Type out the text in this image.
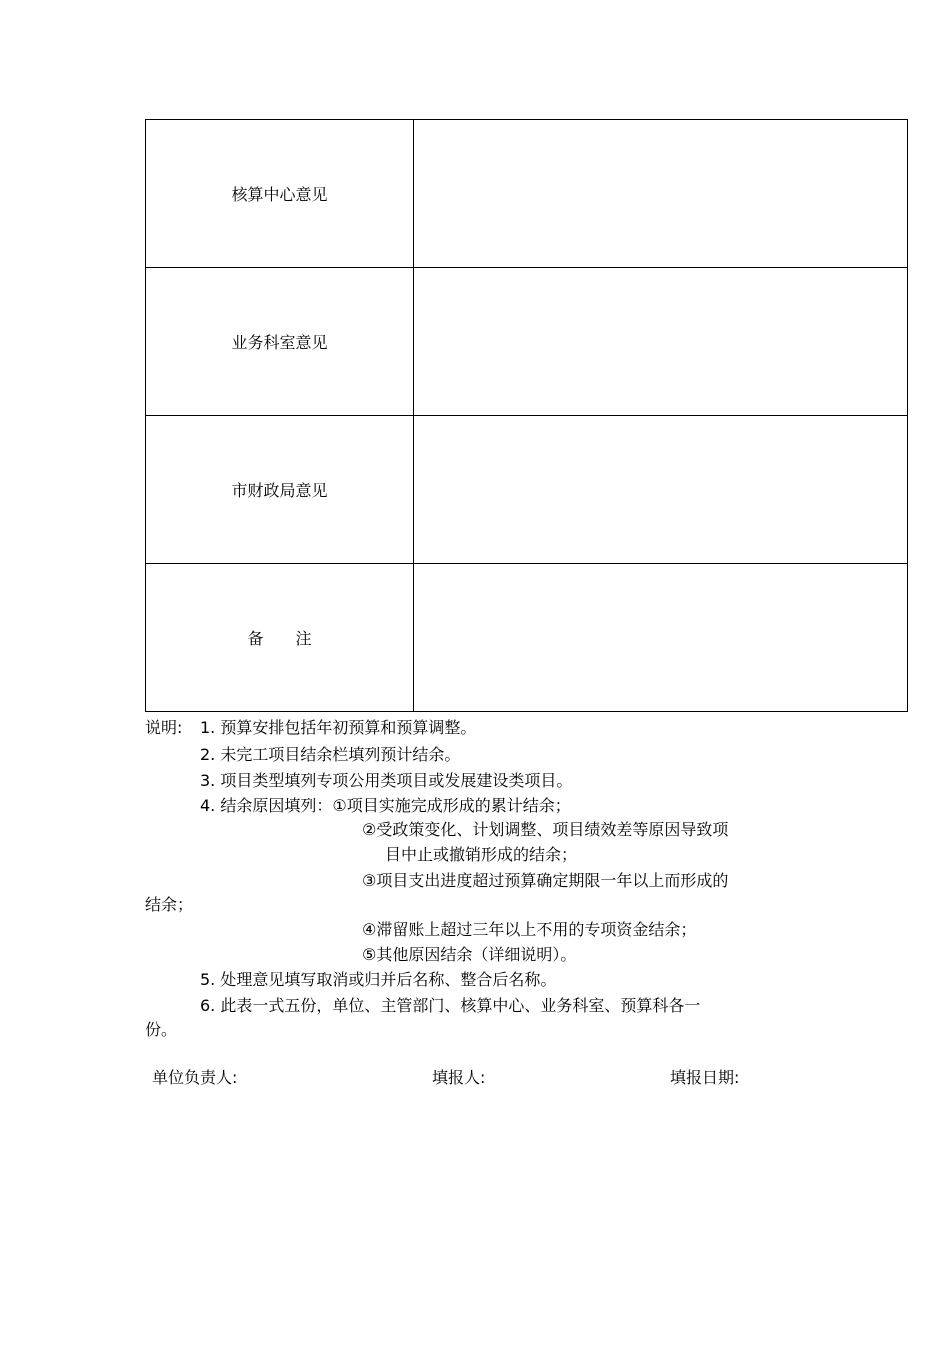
核算中心意见	
业务科室意见	
市财政局意见	
备　　注	
说明: 1. 预算安排包括年初预算和预算调整。
2. 未完工项目结余栏填列预计结余。
3. 项目类型填列专项公用类项目或发展建设类项目。
4. 结余原因填列：①项目实施完成形成的累计结余；
②受政策变化、计划调整、项目绩效差等原因导致项
目中止或撤销形成的结余；
③项目支出进度超过预算确定期限一年以上而形成的
结余；
④滞留账上超过三年以上不用的专项资金结余；
⑤其他原因结余（详细说明）。
5. 处理意见填写取消或归并后名称、整合后名称。
6. 此表一式五份，单位、主管部门、核算中心、业务科室、预算科各一
份。
单位负责人:	填报人:	填报日期:
